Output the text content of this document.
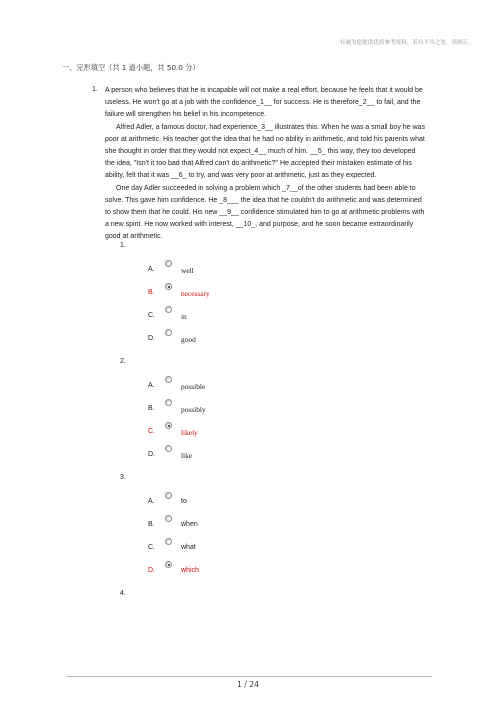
有减为您提供优质参考资料，若有不当之处，请指正。
一、完形填空（共 1 道小题，共 50.0 分）
1. A person who believes that he is incapable will not make a real effort, because he feels that it would be useless. He won't go at a job with the confidence_1__ for success. He is therefore_2__ to fail, and the failure will strengthen his belief in his incompetence.

Alfred Adler, a famous doctor, had experience_3__ illustrates this. When he was a small boy he was poor at arithmetic. His teacher got the idea that he had no ability in arithmetic, and told his parents what she thought in order that they would not expect_4__ much of him. __5_ this way, they too developed the idea, "Isn't it too bad that Alfred can't do arithmetic?" He accepted their mistaken estimate of his ability, felt that it was __6_ to try, and was very poor at arithmetic, just as they expected.

One day Adler succeeded in solving a problem which _7__of the other students had been able to solve. This gave him confidence. He _8___ the idea that he couldn't do arithmetic and was determined to show them that he could. His new __9__ confidence stimulated him to go at arithmetic problems with a new spirit. He now worked with interest, __10_, and purpose, and he soon became extraordinarily good at arithmetic.

1.
A.	well
B.	necessary
C.	in
D.	good
2.
A.	possible
B.	possibly
C.	likely
D.	like
3.
A.	to
B.	when
C.	what
D.	which
4.
1 / 24
